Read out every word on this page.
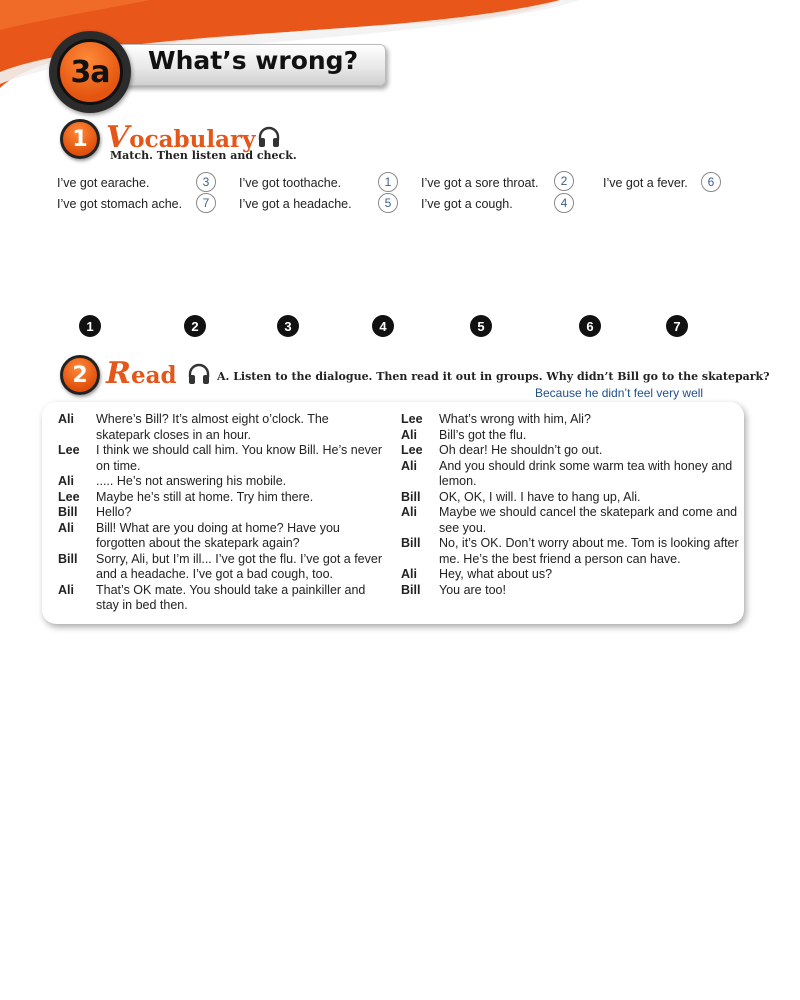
What’s wrong?
3a
1 Vocabulary
Match. Then listen and check.
I’ve got earache.	3	I’ve got toothache.	1	I’ve got a sore throat.	2	I’ve got a fever.	6
I’ve got stomach ache.	7	I’ve got a headache.	5	I’ve got a cough.	4
1	2	3	4	5	6	7
2 Read	A. Listen to the dialogue. Then read it out in groups. Why didn’t Bill go to the skatepark?
Because he didn’t feel very well
Ali	Where’s Bill? It’s almost eight o’clock. The skatepark closes in an hour.
Lee	I think we should call him. You know Bill. He’s never on time.
Ali	..... He’s not answering his mobile.
Lee	Maybe he’s still at home. Try him there.
Bill	Hello?
Ali	Bill! What are you doing at home? Have you forgotten about the skatepark again?
Bill	Sorry, Ali, but I’m ill... I’ve got the flu. I’ve got a fever and a headache. I’ve got a bad cough, too.
Ali	That’s OK mate. You should take a painkiller and stay in bed then.
Lee	What’s wrong with him, Ali?
Ali	Bill’s got the flu.
Lee	Oh dear! He shouldn’t go out.
Ali	And you should drink some warm tea with honey and lemon.
Bill	OK, OK, I will. I have to hang up, Ali.
Ali	Maybe we should cancel the skatepark and come and see you.
Bill	No, it’s OK. Don’t worry about me. Tom is looking after me. He’s the best friend a person can have.
Ali	Hey, what about us?
Bill	You are too!
